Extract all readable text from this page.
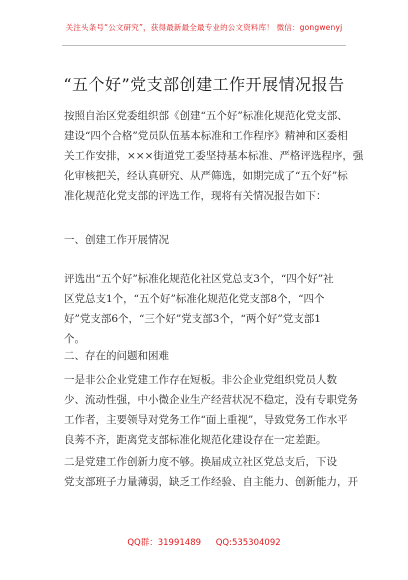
关注头条号“公文研究”，获得最新最全最专业的公文资料库！ 微信：gongwenyj
“五个好”党支部创建工作开展情况报告
按照自治区党委组织部《创建“五个好”标准化规范化党支部、
建设“四个合格”党员队伍基本标准和工作程序》精神和区委相
关工作安排，×××街道党工委坚持基本标准、严格评选程序，强
化审核把关，经认真研究、从严筛选，如期完成了“五个好”标
准化规范化党支部的评选工作，现将有关情况报告如下：
一、创建工作开展情况
评选出“五个好”标准化规范化社区党总支3个，“四个好”社
区党总支1个，“五个好”标准化规范化党支部8个，“四个
好”党支部6个，“三个好”党支部3个，“两个好”党支部1
个。
二、存在的问题和困难
一是非公企业党建工作存在短板。非公企业党组织党员人数
少、流动性强，中小微企业生产经营状况不稳定，没有专职党务
工作者，主要领导对党务工作“面上重视”，导致党务工作水平
良莠不齐，距离党支部标准化规范化建设存在一定差距。
二是党建工作创新力度不够。换届成立社区党总支后，下设
党支部班子力量薄弱，缺乏工作经验、自主能力、创新能力，开
QQ群：31991489 QQ:535304092
